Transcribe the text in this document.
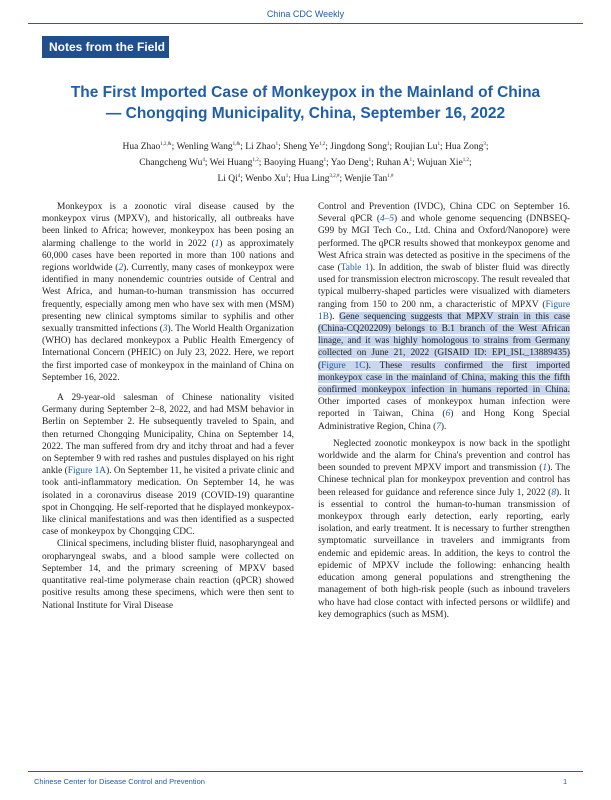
China CDC Weekly
Notes from the Field
The First Imported Case of Monkeypox in the Mainland of China
— Chongqing Municipality, China, September 16, 2022
Hua Zhao$^{1,2,\&}$; Wenling Wang$^{1,\&}$; Li Zhao$^1$; Sheng Ye$^{1,2}$; Jingdong Song$^1$; Roujian Lu$^1$; Hua Zong$^3$;
Changcheng Wu$^4$; Wei Huang$^{1,2}$; Baoying Huang$^1$; Yao Deng$^1$; Ruhan $A^1$; Wujuan Xie$^{1,2}$;
Li Qi$^4$; Wenbo Xu$^1$; Hua Ling$^{3,2,\#}$; Wenjie Tan$^{1,\#}$

Monkeypox is a zoonotic viral disease caused by the monkeypox virus (MPXV), and historically, all outbreaks have been linked to Africa; however, monkeypox has been posing an alarming challenge to the world in 2022 (1) as approximately 60,000 cases have been reported in more than 100 nations and regions worldwide (2). Currently, many cases of monkeypox were identified in many nonendemic countries outside of Central and West Africa, and human-to-human transmission has occurred frequently, especially among men who have sex with men (MSM) presenting new clinical symptoms similar to syphilis and other sexually transmitted infections (3). The World Health Organization (WHO) has declared monkeypox a Public Health Emergency of International Concern (PHEIC) on July 23, 2022. Here, we report the first imported case of monkeypox in the mainland of China on September 16, 2022.

A 29-year-old salesman of Chinese nationality visited Germany during September 2–8, 2022, and had MSM behavior in Berlin on September 2. He subsequently traveled to Spain, and then returned Chongqing Municipality, China on September 14, 2022. The man suffered from dry and itchy throat and had a fever on September 9 with red rashes and pustules displayed on his right ankle (Figure 1A). On September 11, he visited a private clinic and took anti-inflammatory medication. On September 14, he was isolated in a coronavirus disease 2019 (COVID-19) quarantine spot in Chongqing. He self-reported that he displayed monkeypox-like clinical manifestations and was then identified as a suspected case of monkeypox by Chongqing CDC.

Clinical specimens, including blister fluid, nasopharyngeal and oropharyngeal swabs, and a blood sample were collected on September 14, and the primary screening of MPXV based quantitative real-time polymerase chain reaction (qPCR) showed positive results among these specimens, which were then sent to National Institute for Viral Disease

Control and Prevention (IVDC), China CDC on September 16. Several qPCR (4–5) and whole genome sequencing (DNBSEQ-G99 by MGI Tech Co., Ltd. China and Oxford/Nanopore) were performed. The qPCR results showed that monkeypox genome and West Africa strain was detected as positive in the specimens of the case (Table 1). In addition, the swab of blister fluid was directly used for transmission electron microscopy. The result revealed that typical mulberry-shaped particles were visualized with diameters ranging from 150 to 200 nm, a characteristic of MPXV (Figure 1B). Gene sequencing suggests that MPXV strain in this case (China-CQ202209) belongs to B.1 branch of the West African linage, and it was highly homologous to strains from Germany collected on June 21, 2022 (GISAID ID: EPI_ISL_13889435) (Figure 1C). These results confirmed the first imported monkeypox case in the mainland of China, making this the fifth confirmed monkeypox infection in humans reported in China. Other imported cases of monkeypox human infection were reported in Taiwan, China (6) and Hong Kong Special Administrative Region, China (7).

Neglected zoonotic monkeypox is now back in the spotlight worldwide and the alarm for China's prevention and control has been sounded to prevent MPXV import and transmission (1). The Chinese technical plan for monkeypox prevention and control has been released for guidance and reference since July 1, 2022 (8). It is essential to control the human-to-human transmission of monkeypox through early detection, early reporting, early isolation, and early treatment. It is necessary to further strengthen symptomatic surveillance in travelers and immigrants from endemic and epidemic areas. In addition, the keys to control the epidemic of MPXV include the following: enhancing health education among general populations and strengthening the management of both high-risk people (such as inbound travelers who have had close contact with infected persons or wildlife) and key demographics (such as MSM).

Chinese Center for Disease Control and Prevention	1
